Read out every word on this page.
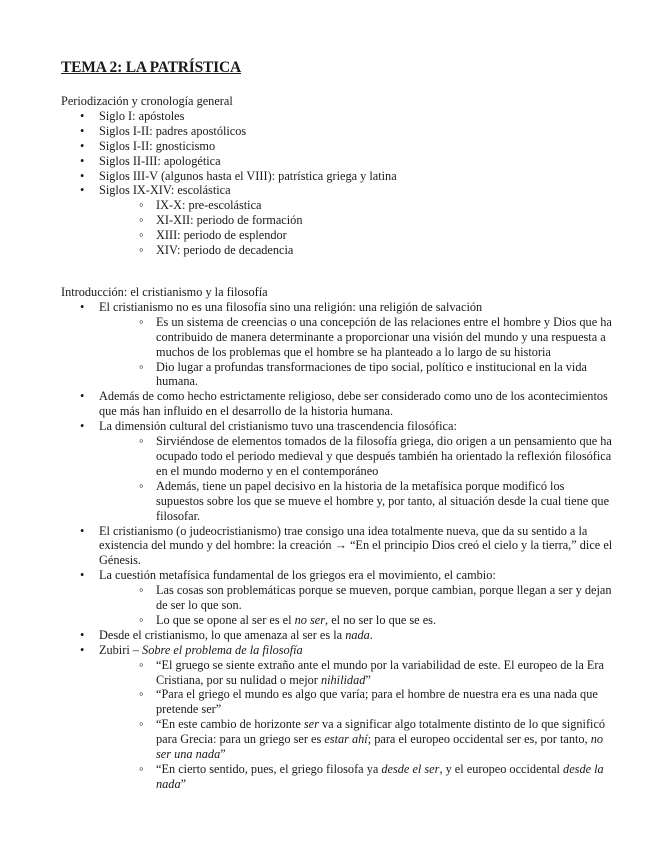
TEMA 2: LA PATRÍSTICA

Periodización y cronología general

• Siglo I: apóstoles
• Siglos I-II: padres apostólicos
• Siglos I-II: gnosticismo
• Siglos II-III: apologética
• Siglos III-V (algunos hasta el VIII): patrística griega y latina
• Siglos IX-XIV: escolástica
◦ IX-X: pre-escolástica
◦ XI-XII: periodo de formación
◦ XIII: periodo de esplendor
◦ XIV: periodo de decadencia

Introducción: el cristianismo y la filosofía

• El cristianismo no es una filosofía sino una religión: una religión de salvación
◦ Es un sistema de creencias o una concepción de las relaciones entre el hombre y Dios que ha contribuido de manera determinante a proporcionar una visión del mundo y una respuesta a muchos de los problemas que el hombre se ha planteado a lo largo de su historia
◦ Dio lugar a profundas transformaciones de tipo social, político e institucional en la vida humana.
• Además de como hecho estrictamente religioso, debe ser considerado como uno de los acontecimientos que más han influido en el desarrollo de la historia humana.
• La dimensión cultural del cristianismo tuvo una trascendencia filosófica:
◦ Sirviéndose de elementos tomados de la filosofía griega, dio origen a un pensamiento que ha ocupado todo el periodo medieval y que después también ha orientado la reflexión filosófica en el mundo moderno y en el contemporáneo
◦ Además, tiene un papel decisivo en la historia de la metafísica porque modificó los supuestos sobre los que se mueve el hombre y, por tanto, al situación desde la cual tiene que filosofar.
• El cristianismo (o judeocristianismo) trae consigo una idea totalmente nueva, que da su sentido a la existencia del mundo y del hombre: la creación → “En el principio Dios creó el cielo y la tierra,” dice el Génesis.
• La cuestión metafísica fundamental de los griegos era el movimiento, el cambio:
◦ Las cosas son problemáticas porque se mueven, porque cambian, porque llegan a ser y dejan de ser lo que son.
◦ Lo que se opone al ser es el no ser, el no ser lo que se es.
• Desde el cristianismo, lo que amenaza al ser es la nada.
• Zubiri – Sobre el problema de la filosofía
◦ “El gruego se siente extraño ante el mundo por la variabilidad de este. El europeo de la Era Cristiana, por su nulidad o mejor nihilidad”
◦ “Para el griego el mundo es algo que varía; para el hombre de nuestra era es una nada que pretende ser”
◦ “En este cambio de horizonte ser va a significar algo totalmente distinto de lo que significó para Grecia: para un griego ser es estar ahí; para el europeo occidental ser es, por tanto, no ser una nada”
◦ “En cierto sentido, pues, el griego filosofa ya desde el ser, y el europeo occidental desde la nada”
